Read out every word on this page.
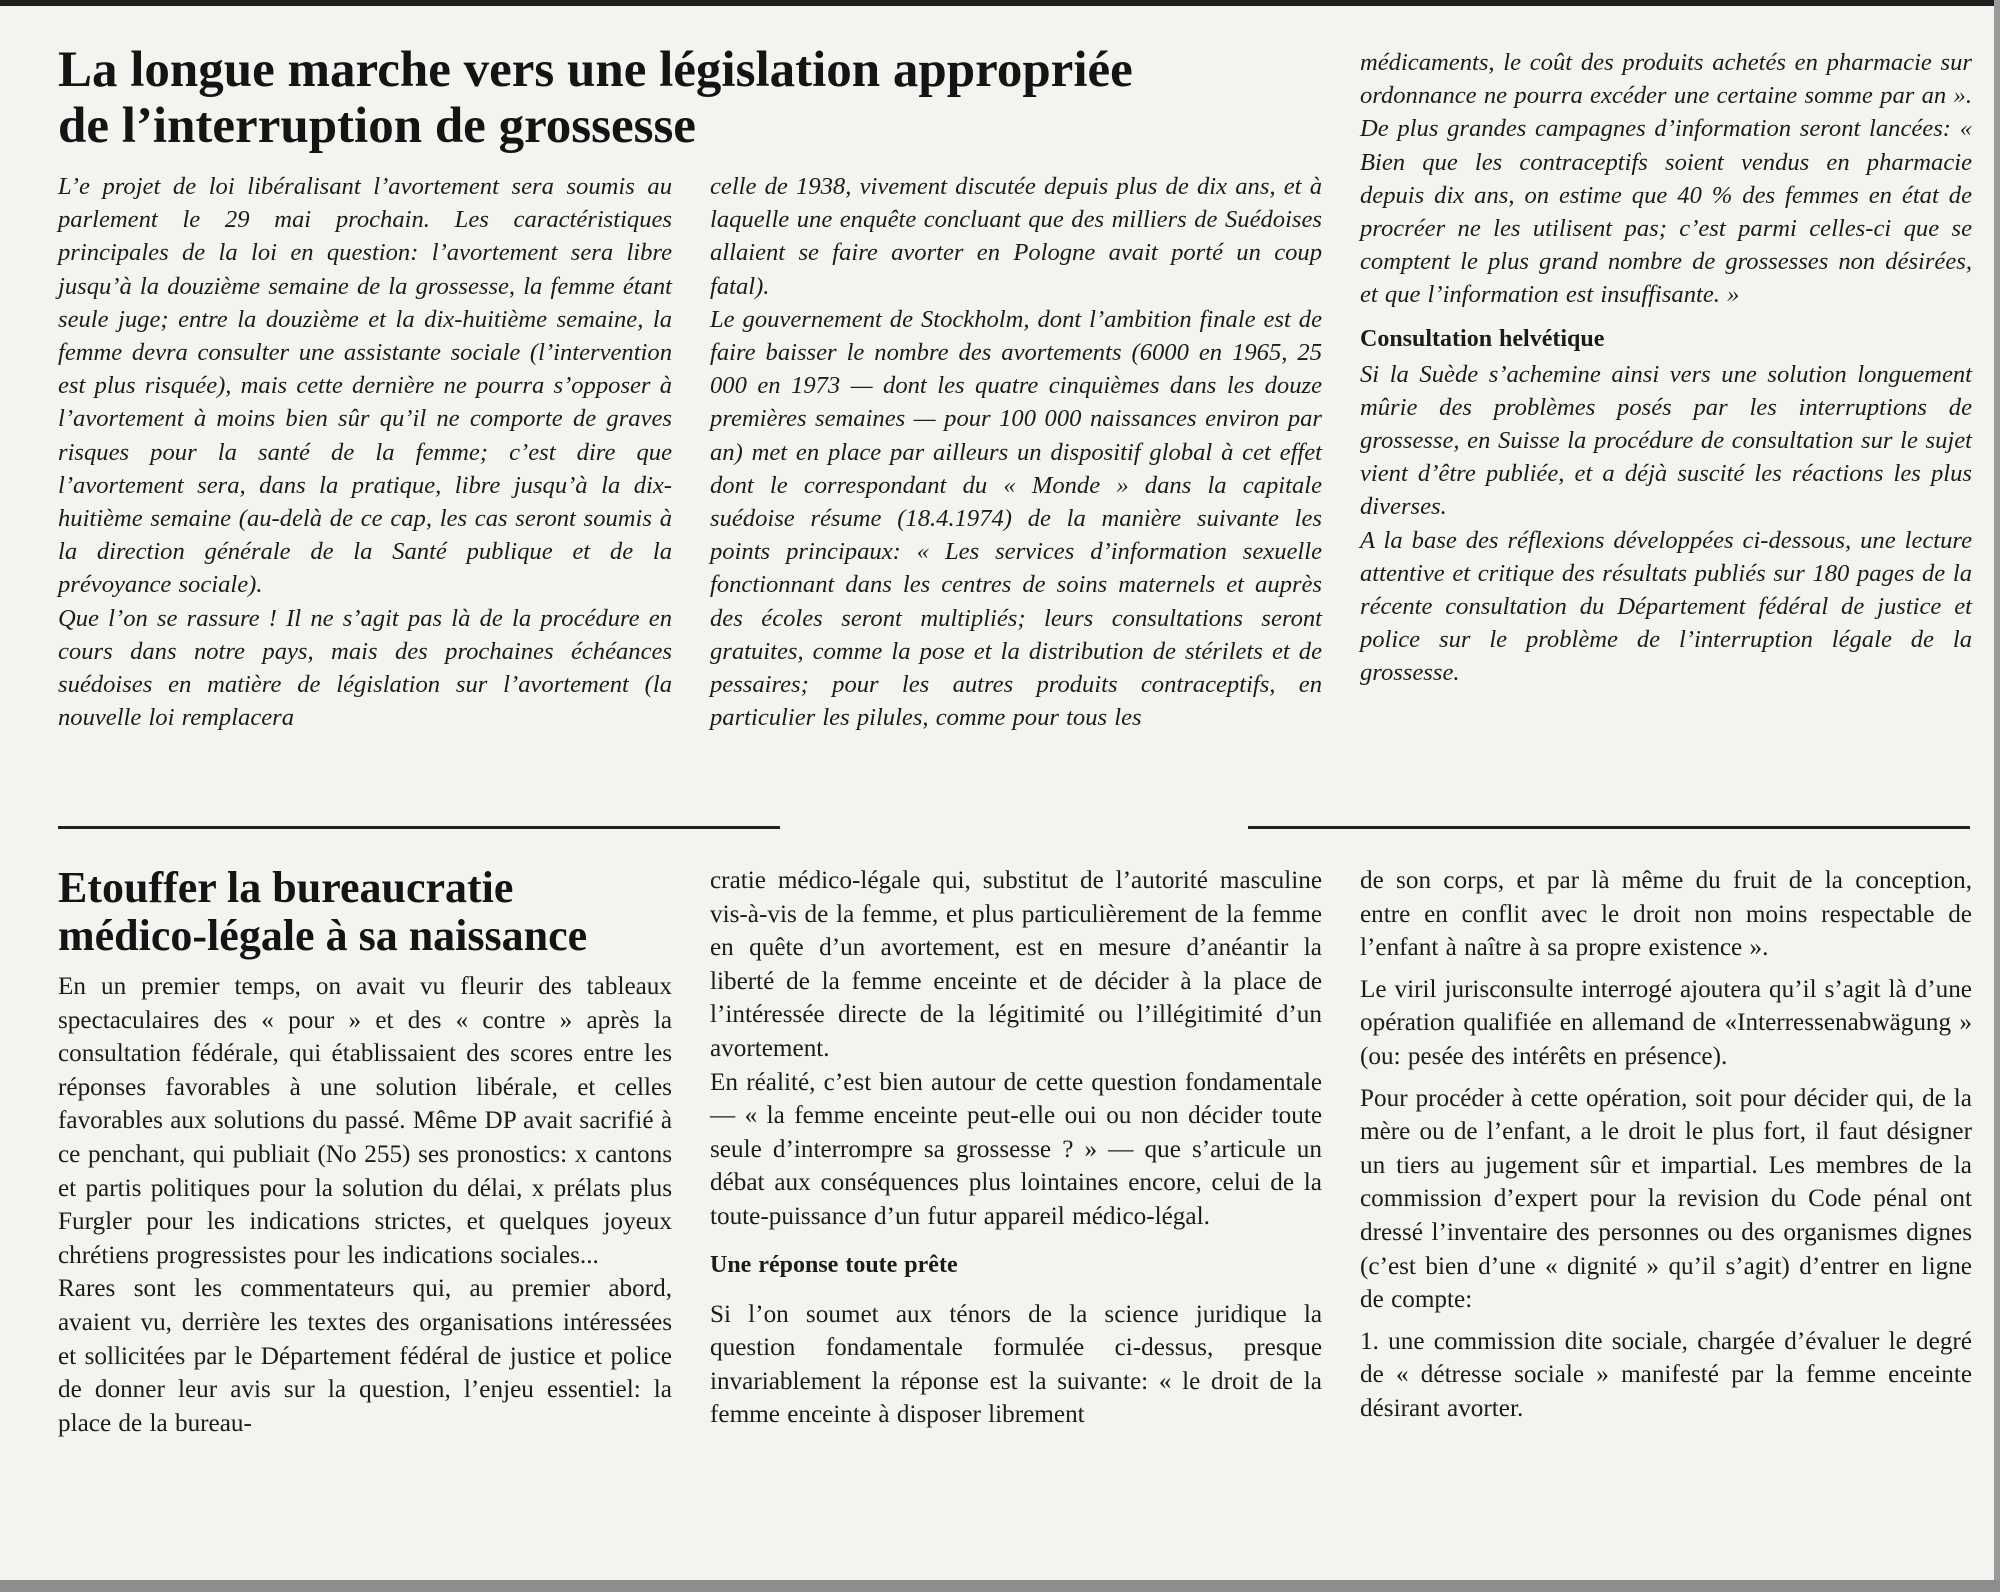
La longue marche vers une législation appropriée
de l’interruption de grossesse

L’e projet de loi libéralisant l’avortement sera soumis au parlement le 29 mai prochain. Les caractéristiques principales de la loi en question: l’avortement sera libre jusqu’à la douzième semaine de la grossesse, la femme étant seule juge; entre la douzième et la dix-huitième semaine, la femme devra consulter une assistante sociale (l’intervention est plus risquée), mais cette dernière ne pourra s’opposer à l’avortement à moins bien sûr qu’il ne comporte de graves risques pour la santé de la femme; c’est dire que l’avortement sera, dans la pratique, libre jusqu’à la dix-huitième semaine (au-delà de ce cap, les cas seront soumis à la direction générale de la Santé publique et de la prévoyance sociale).

Que l’on se rassure ! Il ne s’agit pas là de la procédure en cours dans notre pays, mais des prochaines échéances suédoises en matière de législation sur l’avortement (la nouvelle loi remplacera

celle de 1938, vivement discutée depuis plus de dix ans, et à laquelle une enquête concluant que des milliers de Suédoises allaient se faire avorter en Pologne avait porté un coup fatal).

Le gouvernement de Stockholm, dont l’ambition finale est de faire baisser le nombre des avortements (6000 en 1965, 25 000 en 1973 — dont les quatre cinquièmes dans les douze premières semaines — pour 100 000 naissances environ par an) met en place par ailleurs un dispositif global à cet effet dont le correspondant du « Monde » dans la capitale suédoise résume (18.4.1974) de la manière suivante les points principaux: « Les services d’information sexuelle fonctionnant dans les centres de soins maternels et auprès des écoles seront multipliés; leurs consultations seront gratuites, comme la pose et la distribution de stérilets et de pessaires; pour les autres produits contraceptifs, en particulier les pilules, comme pour tous les

médicaments, le coût des produits achetés en pharmacie sur ordonnance ne pourra excéder une certaine somme par an ». De plus grandes campagnes d’information seront lancées: « Bien que les contraceptifs soient vendus en pharmacie depuis dix ans, on estime que 40 % des femmes en état de procréer ne les utilisent pas; c’est parmi celles-ci que se comptent le plus grand nombre de grossesses non désirées, et que l’information est insuffisante. »

Consultation helvétique

Si la Suède s’achemine ainsi vers une solution longuement mûrie des problèmes posés par les interruptions de grossesse, en Suisse la procédure de consultation sur le sujet vient d’être publiée, et a déjà suscité les réactions les plus diverses.

A la base des réflexions développées ci-dessous, une lecture attentive et critique des résultats publiés sur 180 pages de la récente consultation du Département fédéral de justice et police sur le problème de l’interruption légale de la grossesse.

Etouffer la bureaucratie
médico-légale à sa naissance

En un premier temps, on avait vu fleurir des tableaux spectaculaires des « pour » et des « contre » après la consultation fédérale, qui établissaient des scores entre les réponses favorables à une solution libérale, et celles favorables aux solutions du passé. Même DP avait sacrifié à ce penchant, qui publiait (No 255) ses pronostics: x cantons et partis politiques pour la solution du délai, x prélats plus Furgler pour les indications strictes, et quelques joyeux chrétiens progressistes pour les indications sociales...

Rares sont les commentateurs qui, au premier abord, avaient vu, derrière les textes des organisations intéressées et sollicitées par le Département fédéral de justice et police de donner leur avis sur la question, l’enjeu essentiel: la place de la bureau-

cratie médico-légale qui, substitut de l’autorité masculine vis-à-vis de la femme, et plus particulièrement de la femme en quête d’un avortement, est en mesure d’anéantir la liberté de la femme enceinte et de décider à la place de l’intéressée directe de la légitimité ou l’illégitimité d’un avortement.

En réalité, c’est bien autour de cette question fondamentale — « la femme enceinte peut-elle oui ou non décider toute seule d’interrompre sa grossesse ? » — que s’articule un débat aux conséquences plus lointaines encore, celui de la toute-puissance d’un futur appareil médico-légal.

Une réponse toute prête

Si l’on soumet aux ténors de la science juridique la question fondamentale formulée ci-dessus, presque invariablement la réponse est la suivante: « le droit de la femme enceinte à disposer librement

de son corps, et par là même du fruit de la conception, entre en conflit avec le droit non moins respectable de l’enfant à naître à sa propre existence ».

Le viril jurisconsulte interrogé ajoutera qu’il s’agit là d’une opération qualifiée en allemand de «Interressenabwägung » (ou: pesée des intérêts en présence).

Pour procéder à cette opération, soit pour décider qui, de la mère ou de l’enfant, a le droit le plus fort, il faut désigner un tiers au jugement sûr et impartial. Les membres de la commission d’expert pour la revision du Code pénal ont dressé l’inventaire des personnes ou des organismes dignes (c’est bien d’une « dignité » qu’il s’agit) d’entrer en ligne de compte:

1. une commission dite sociale, chargée d’évaluer le degré de « détresse sociale » manifesté par la femme enceinte désirant avorter.
